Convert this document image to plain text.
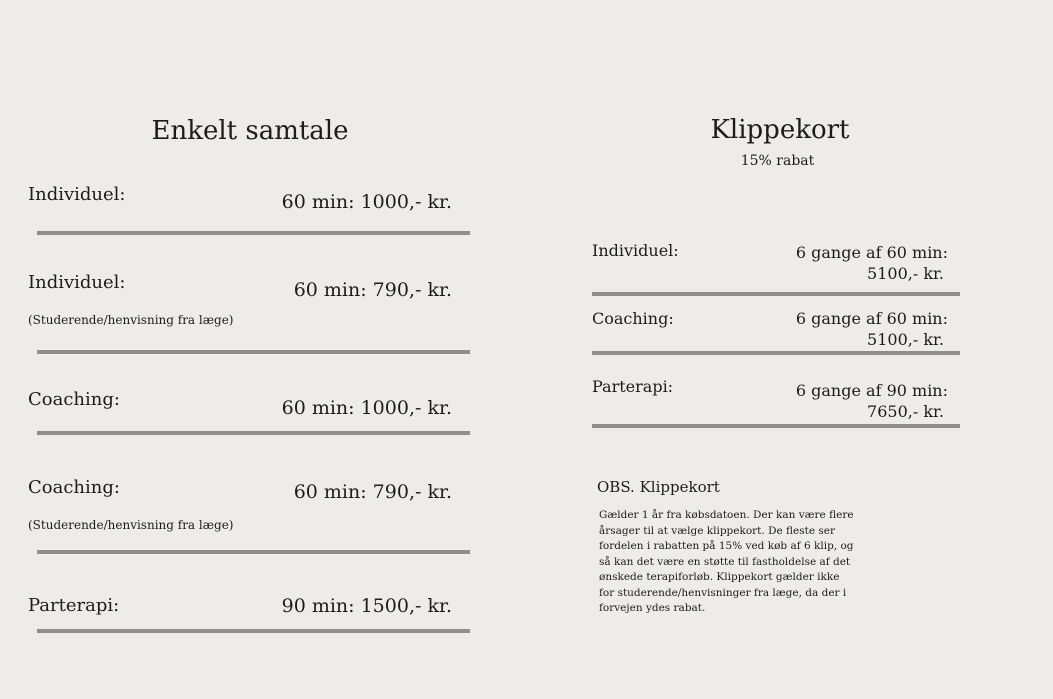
Enkelt samtale
Individuel:	60 min: 1000,- kr.
Individuel:	60 min: 790,- kr.
(Studerende/henvisning fra læge)
Coaching:	60 min: 1000,- kr.
Coaching:	60 min: 790,- kr.
(Studerende/henvisning fra læge)
Parterapi:	90 min: 1500,- kr.
Klippekort
15% rabat
Individuel:	6 gange af 60 min:
5100,- kr.
Coaching:	6 gange af 60 min:
5100,- kr.
Parterapi:	6 gange af 90 min:
7650,- kr.
OBS. Klippekort
Gælder 1 år fra købsdatoen. Der kan være flere årsager til at vælge klippekort. De fleste ser fordelen i rabatten på 15% ved køb af 6 klip, og så kan det være en støtte til fastholdelse af det ønskede terapiforløb. Klippekort gælder ikke for studerende/henvisninger fra læge, da der i forvejen ydes rabat.
